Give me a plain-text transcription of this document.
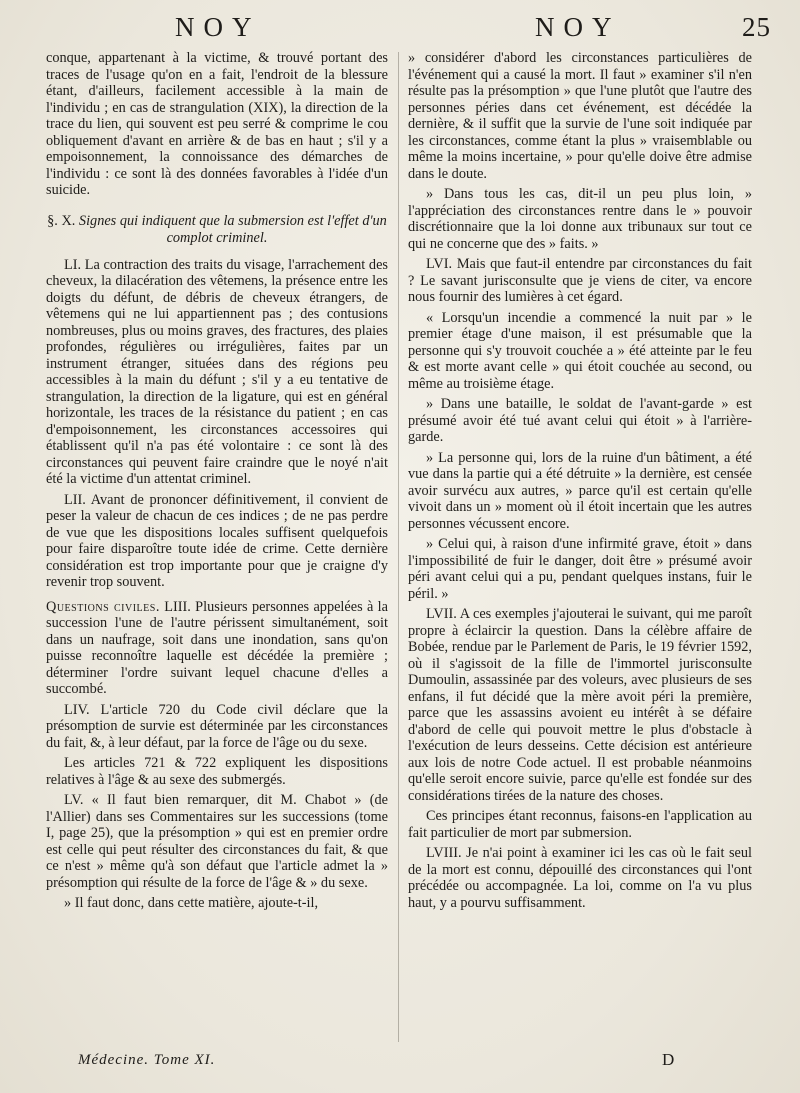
NOY	NOY	25

conque, appartenant à la victime, & trouvé portant des traces de l'usage qu'on en a fait, l'endroit de la blessure étant, d'ailleurs, facilement accessible à la main de l'individu ; en cas de strangulation (XIX), la direction de la trace du lien, qui souvent est peu serré & comprime le cou obliquement d'avant en arrière & de bas en haut ; s'il y a empoisonnement, la connoissance des démarches de l'individu : ce sont là des données favorables à l'idée d'un suicide.

§. X. Signes qui indiquent que la submersion est l'effet d'un complot criminel.

LI. La contraction des traits du visage, l'arrachement des cheveux, la dilacération des vêtemens, la présence entre les doigts du défunt, de débris de cheveux étrangers, de vêtemens qui ne lui appartiennent pas ; des contusions nombreuses, plus ou moins graves, des fractures, des plaies profondes, régulières ou irrégulières, faites par un instrument étranger, situées dans des régions peu accessibles à la main du défunt ; s'il y a eu tentative de strangulation, la direction de la ligature, qui est en général horizontale, les traces de la résistance du patient ; en cas d'empoisonnement, les circonstances accessoires qui établissent qu'il n'a pas été volontaire : ce sont là des circonstances qui peuvent faire craindre que le noyé n'ait été la victime d'un attentat criminel.

LII. Avant de prononcer définitivement, il convient de peser la valeur de chacun de ces indices ; de ne pas perdre de vue que les dispositions locales suffisent quelquefois pour faire disparoître toute idée de crime. Cette dernière considération est trop importante pour que je craigne d'y revenir trop souvent.

Questions civiles. LIII. Plusieurs personnes appelées à la succession l'une de l'autre périssent simultanément, soit dans un naufrage, soit dans une inondation, sans qu'on puisse reconnoître laquelle est décédée la première ; déterminer l'ordre suivant lequel chacune d'elles a succombé.

LIV. L'article 720 du Code civil déclare que la présomption de survie est déterminée par les circonstances du fait, &, à leur défaut, par la force de l'âge ou du sexe.

Les articles 721 & 722 expliquent les dispositions relatives à l'âge & au sexe des submergés.

LV. « Il faut bien remarquer, dit M. Chabot » (de l'Allier) dans ses Commentaires sur les successions (tome I, page 25), que la présomption » qui est en premier ordre est celle qui peut résulter des circonstances du fait, & que ce n'est » même qu'à son défaut que l'article admet la » présomption qui résulte de la force de l'âge & » du sexe.

» Il faut donc, dans cette matière, ajoute-t-il,

» considérer d'abord les circonstances particulières de l'événement qui a causé la mort. Il faut » examiner s'il n'en résulte pas la présomption » que l'une plutôt que l'autre des personnes péries dans cet événement, est décédée la dernière, & il suffit que la survie de l'une soit indiquée par les circonstances, comme étant la plus » vraisemblable ou même la moins incertaine, » pour qu'elle doive être admise dans le doute.

» Dans tous les cas, dit-il un peu plus loin, » l'appréciation des circonstances rentre dans le » pouvoir discrétionnaire que la loi donne aux tribunaux sur tout ce qui ne concerne que des » faits. »

LVI. Mais que faut-il entendre par circonstances du fait ? Le savant jurisconsulte que je viens de citer, va encore nous fournir des lumières à cet égard.

« Lorsqu'un incendie a commencé la nuit par » le premier étage d'une maison, il est présumable que la personne qui s'y trouvoit couchée a » été atteinte par le feu & est morte avant celle » qui étoit couchée au second, ou même au troisième étage.

» Dans une bataille, le soldat de l'avant-garde » est présumé avoir été tué avant celui qui étoit » à l'arrière-garde.

» La personne qui, lors de la ruine d'un bâtiment, a été vue dans la partie qui a été détruite » la dernière, est censée avoir survécu aux autres, » parce qu'il est certain qu'elle vivoit dans un » moment où il étoit incertain que les autres personnes vécussent encore.

» Celui qui, à raison d'une infirmité grave, étoit » dans l'impossibilité de fuir le danger, doit être » présumé avoir péri avant celui qui a pu, pendant quelques instans, fuir le péril. »

LVII. A ces exemples j'ajouterai le suivant, qui me paroît propre à éclaircir la question. Dans la célèbre affaire de Bobée, rendue par le Parlement de Paris, le 19 février 1592, où il s'agissoit de la fille de l'immortel jurisconsulte Dumoulin, assassinée par des voleurs, avec plusieurs de ses enfans, il fut décidé que la mère avoit péri la première, parce que les assassins avoient eu intérêt à se défaire d'abord de celle qui pouvoit mettre le plus d'obstacle à l'exécution de leurs desseins. Cette décision est antérieure aux lois de notre Code actuel. Il est probable néanmoins qu'elle seroit encore suivie, parce qu'elle est fondée sur des considérations tirées de la nature des choses.

Ces principes étant reconnus, faisons-en l'application au fait particulier de mort par submersion.

LVIII. Je n'ai point à examiner ici les cas où le fait seul de la mort est connu, dépouillé des circonstances qui l'ont précédée ou accompagnée. La loi, comme on l'a vu plus haut, y a pourvu suffisamment.

Médecine. Tome XI.	D
